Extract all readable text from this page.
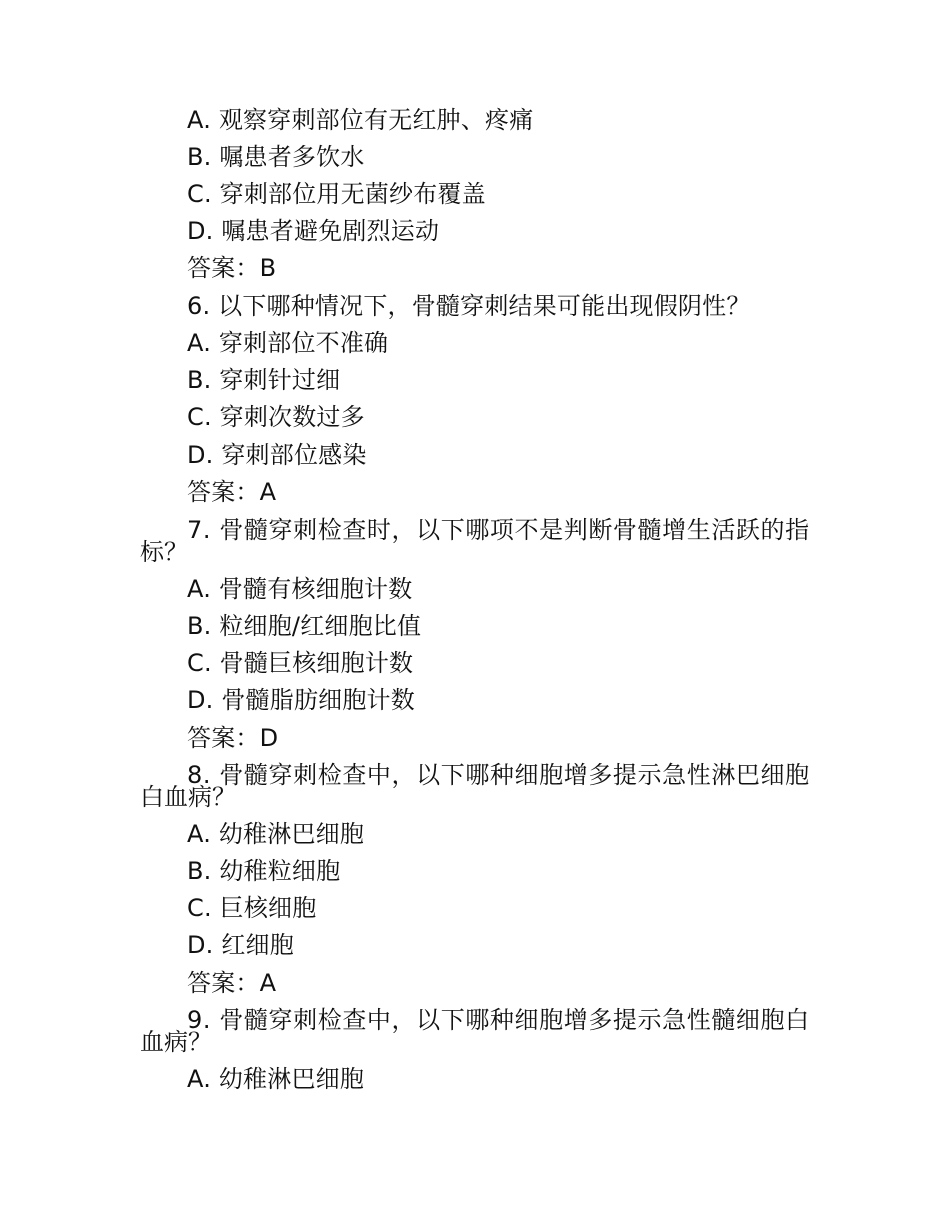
A. 观察穿刺部位有无红肿、疼痛
B. 嘱患者多饮水
C. 穿刺部位用无菌纱布覆盖
D. 嘱患者避免剧烈运动
答案：B
6. 以下哪种情况下，骨髓穿刺结果可能出现假阴性？
A. 穿刺部位不准确
B. 穿刺针过细
C. 穿刺次数过多
D. 穿刺部位感染
答案：A
7. 骨髓穿刺检查时，以下哪项不是判断骨髓增生活跃的指
标？
A. 骨髓有核细胞计数
B. 粒细胞/红细胞比值
C. 骨髓巨核细胞计数
D. 骨髓脂肪细胞计数
答案：D
8. 骨髓穿刺检查中，以下哪种细胞增多提示急性淋巴细胞
白血病？
A. 幼稚淋巴细胞
B. 幼稚粒细胞
C. 巨核细胞
D. 红细胞
答案：A
9. 骨髓穿刺检查中，以下哪种细胞增多提示急性髓细胞白
血病？
A. 幼稚淋巴细胞
